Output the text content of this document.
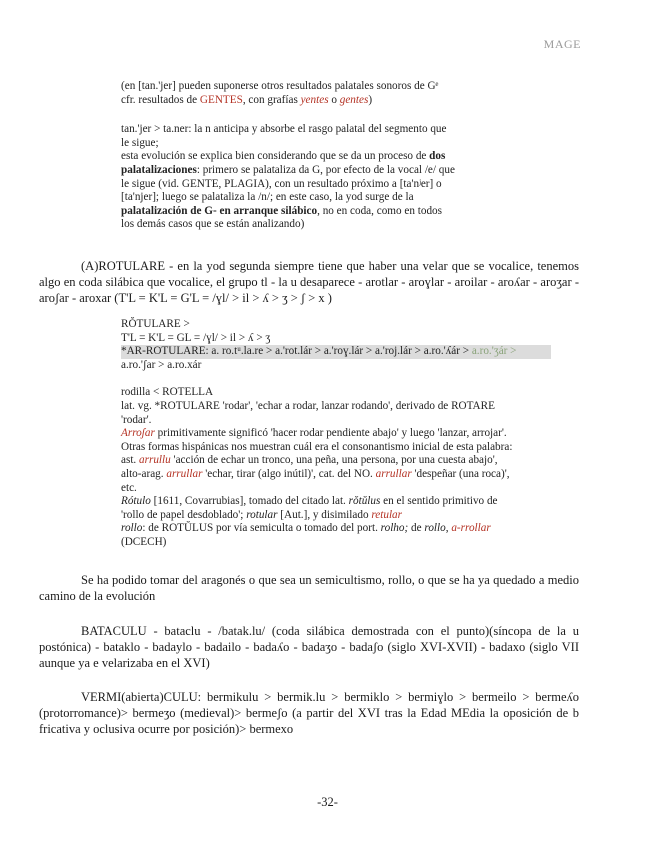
MAGE

(en [tan.'jer] pueden suponerse otros resultados palatales sonoros de Gᵉ

cfr. resultados de GENTES, con grafías yentes o gentes)

tan.'jer > ta.ner: la n anticipa y absorbe el rasgo palatal del segmento que

le sigue;

esta evolución se explica bien considerando que se da un proceso de dos

palatalizaciones: primero se palataliza da G, por efecto de la vocal /e/ que

le sigue (vid. GENTE, PLAGIA), con un resultado próximo a [ta'nʲer] o

[ta'njer]; luego se palataliza la /n/; en este caso, la yod surge de la

palatalización de G- en arranque silábico, no en coda, como en todos

los demás casos que se están analizando)

(A)ROTULARE - en la yod segunda siempre tiene que haber una velar que se vocalice, tenemos algo en coda silábica que vocalice, el grupo tl - la u desaparece - arotlar - aroɣlar - aroilar - aroʎar - aroʒar - aroʃar - aroxar (T'L = K'L = G'L = /ɣl/ > il > ʎ > ʒ > ʃ > x )

RŎTULARE >

T'L = K'L = GL = /ɣl/ > il > ʎ > ʒ

*AR-ROTULARE: a. ro.tᵘ.la.re > a.'rot.lár > a.'roɣ.lár > a.'roj.lár > a.ro.'ʎár > a.ro.'ʒár >

a.ro.'ʃar > a.ro.xár

rodilla < ROTELLA

lat. vg. *ROTULARE 'rodar', 'echar a rodar, lanzar rodando', derivado de ROTARE

'rodar'.

Arroʃar primitivamente significó 'hacer rodar pendiente abajo' y luego 'lanzar, arrojar'.

Otras formas hispánicas nos muestran cuál era el consonantismo inicial de esta palabra:

ast. arrullu 'acción de echar un tronco, una peña, una persona, por una cuesta abajo',

alto-arag. arrullar 'echar, tirar (algo inútil)', cat. del NO. arrullar 'despeñar (una roca)',

etc.

Rótulo [1611, Covarrubias], tomado del citado lat. rŏtŭlus en el sentido primitivo de

'rollo de papel desdoblado'; rotular [Aut.], y disimilado retular

rollo: de ROTŬLUS por vía semiculta o tomado del port. rolho; de rollo, a-rrollar

(DCECH)

Se ha podido tomar del aragonés o que sea un semicultismo, rollo, o que se ha ya quedado a medio camino de la evolución

BATACULU - bataclu - /batak.lu/ (coda silábica demostrada con el punto)(síncopa de la u postónica) - bataklo - badaylo - badailo - badaʎo - badaʒo - badaʃo (siglo XVI-XVII) - badaxo (siglo VII aunque ya e velarizaba en el XVI)

VERMI(abierta)CULU: bermikulu > bermik.lu > bermiklo > bermiɣlo > bermeilo > bermeʎo (protorromance)> bermeʒo (medieval)> bermeʃo (a partir del XVI tras la Edad MEdia la oposición de b fricativa y oclusiva ocurre por posición)> bermexo

-32-
